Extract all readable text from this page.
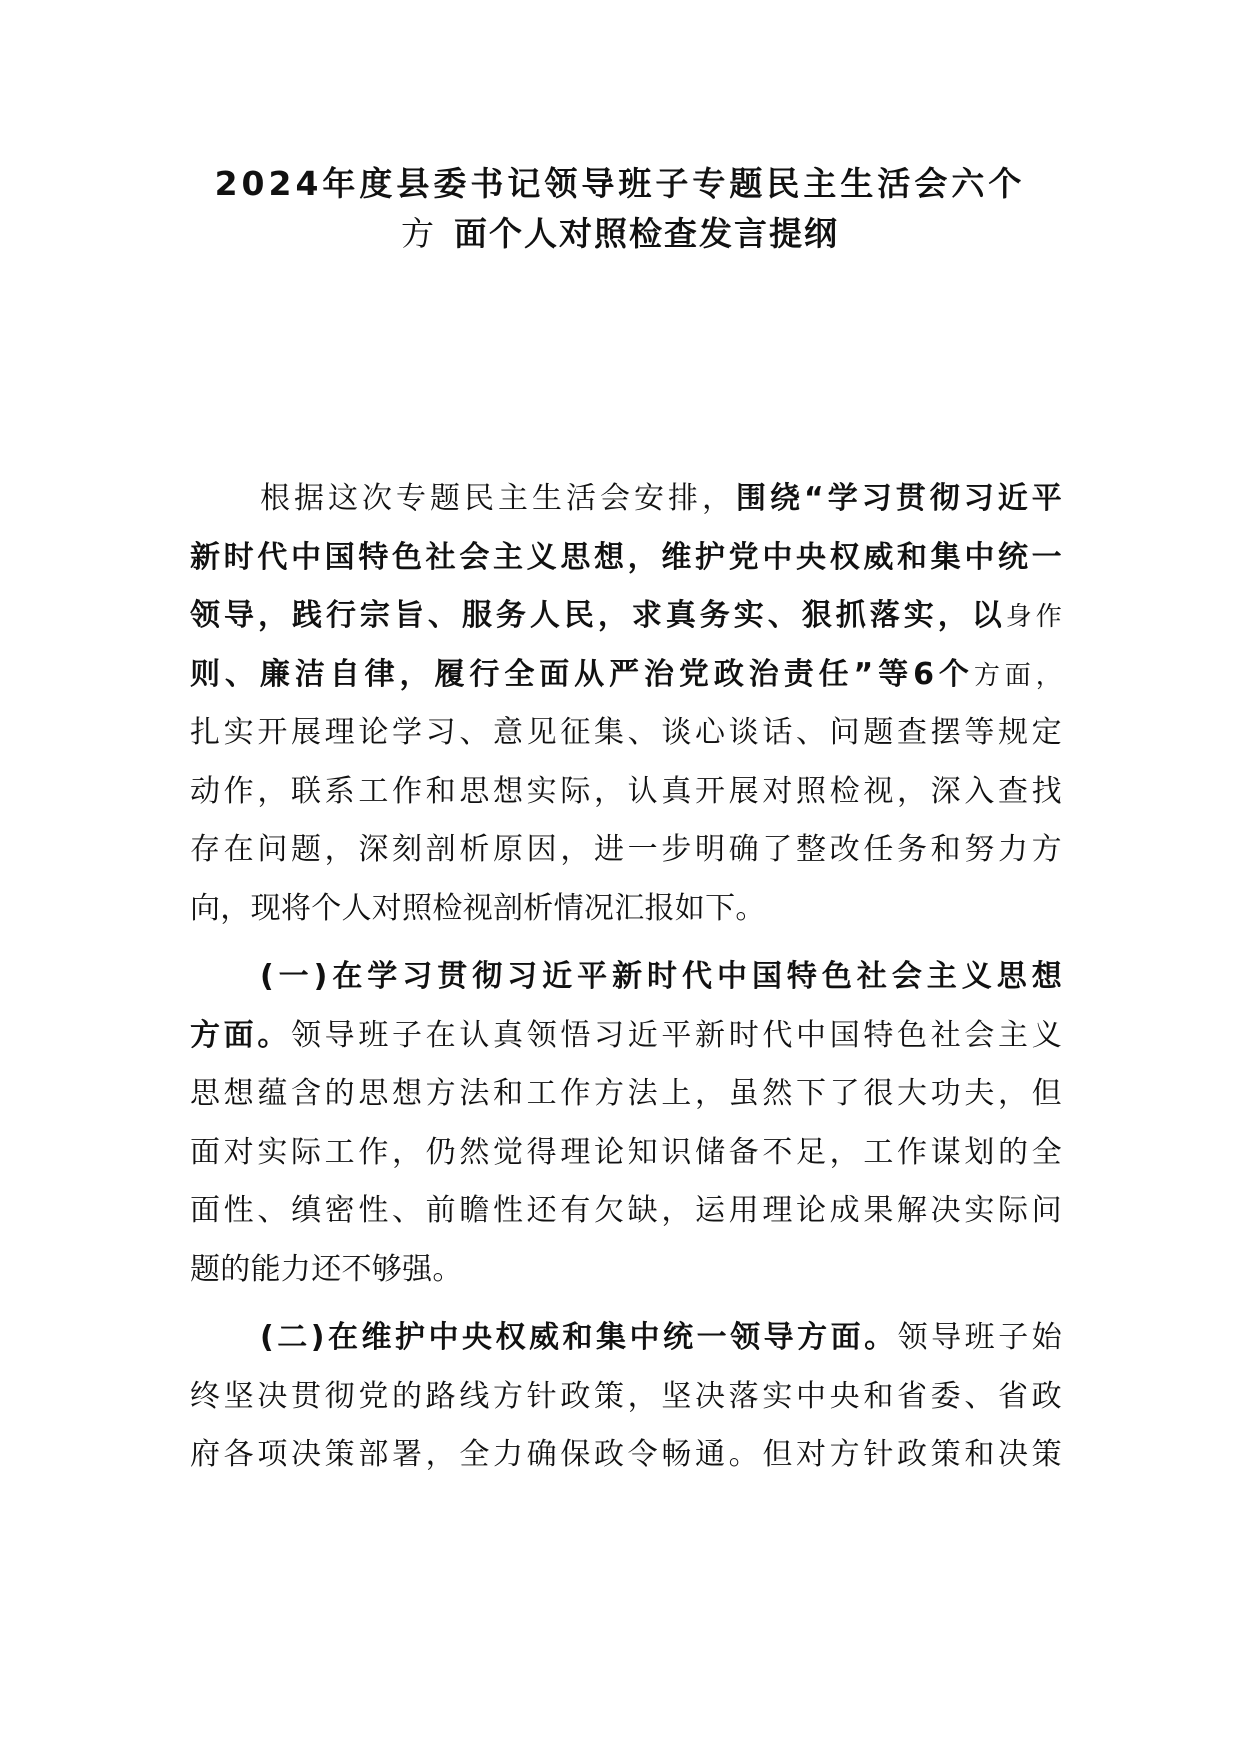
2024年度县委书记领导班子专题民主生活会六个
方 面个人对照检查发言提纲
根据这次专题民主生活会安排，围绕“学习贯彻习近平
新时代中国特色社会主义思想，维护党中央权威和集中统一
领导，践行宗旨、服务人民，求真务实、狠抓落实，以身作
则、廉洁自律，履行全面从严治党政治责任”等6个方面，
扎实开展理论学习、意见征集、谈心谈话、问题查摆等规定
动作，联系工作和思想实际，认真开展对照检视，深入查找
存在问题，深刻剖析原因，进一步明确了整改任务和努力方
向，现将个人对照检视剖析情况汇报如下。
(一)在学习贯彻习近平新时代中国特色社会主义思想
方面。领导班子在认真领悟习近平新时代中国特色社会主义
思想蕴含的思想方法和工作方法上，虽然下了很大功夫，但
面对实际工作，仍然觉得理论知识储备不足，工作谋划的全
面性、缜密性、前瞻性还有欠缺，运用理论成果解决实际问
题的能力还不够强。
(二)在维护中央权威和集中统一领导方面。领导班子始
终坚决贯彻党的路线方针政策，坚决落实中央和省委、省政
府各项决策部署，全力确保政令畅通。但对方针政策和决策
